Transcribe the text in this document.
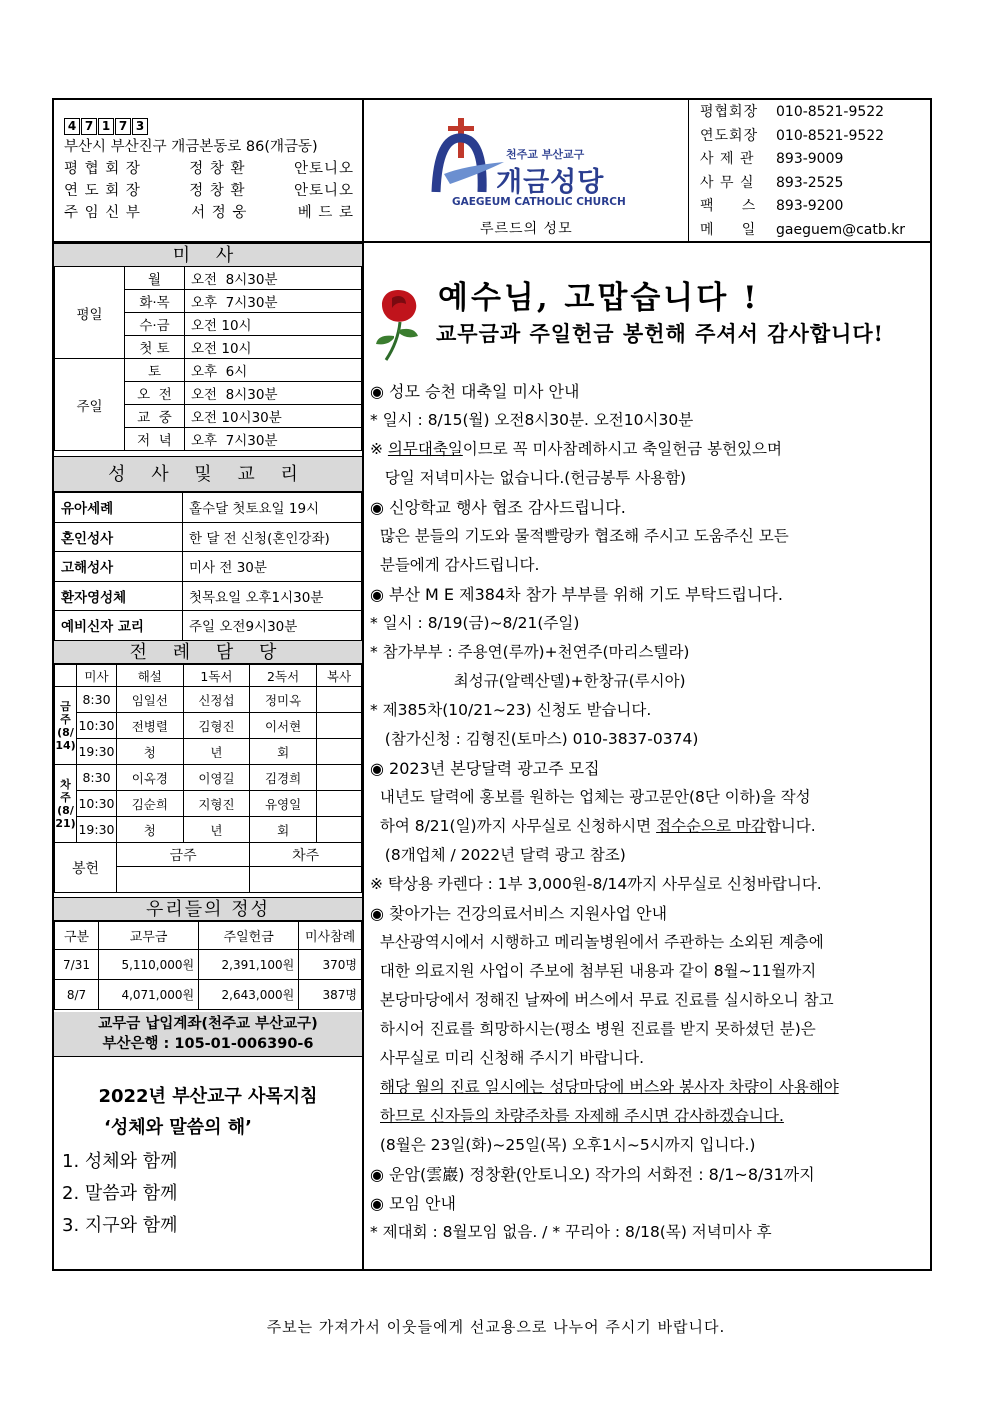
4 7 1 7 3
부산시 부산진구 개금본동로 86(개금동)
평 협 회 장	정 창 환	안토니오
연 도 회 장	정 창 환	안토니오
주 임 신 부	서 정 웅	베 드 로
천주교 부산교구
개금성당
GAEGEUM CATHOLIC CHURCH
루르드의 성모
평협회장	010-8521-9522
연도회장	010-8521-9522
사 제 관	893-9009
사 무 실	893-2525
팩     스	893-9200
메     일	gaeguem@catb.kr
미 사
평일	월	오전  8시30분
	화·목	오후  7시30분
	수·금	오전 10시
	첫 토	오전 10시
주일	토	오후  6시
	오  전	오전  8시30분
	교  중	오전 10시30분
	저  녁	오후  7시30분
성 사 및 교 리
유아세례	홀수달 첫토요일 19시
혼인성사	한 달 전 신청(혼인강좌)
고해성사	미사 전 30분
환자영성체	첫목요일 오후1시30분
예비신자 교리	주일 오전9시30분
전 례 담 당
	미사	해설	1독서	2독서	복사
금주 (8/14)	8:30	임일선	신정섭	정미옥	
	10:30	전병렬	김형진	이서현	
	19:30	청	년	회	
차주 (8/21)	8:30	이옥경	이영길	김경희	
	10:30	김순희	지형진	유영일	
	19:30	청	년	회	
봉헌		금주		차주	

우리들의 정성
구분	교무금	주일헌금	미사참례
7/31	5,110,000원	2,391,100원	370명
8/7	4,071,000원	2,643,000원	387명
교무금 납입계좌(천주교 부산교구)
부산은행 : 105-01-006390-6
2022년 부산교구 사목지침
‘성체와 말씀의 해’
1. 성체와 함께
2. 말씀과 함께
3. 지구와 함께
예수님, 고맙습니다 !
교무금과 주일헌금 봉헌해 주셔서 감사합니다!
◉ 성모 승천 대축일 미사 안내
* 일시 : 8/15(월) 오전8시30분. 오전10시30분
※ 의무대축일이므로 꼭 미사참례하시고 축일헌금 봉헌있으며
당일 저녁미사는 없습니다.(헌금봉투 사용함)
◉ 신앙학교 행사 협조 감사드립니다.
많은 분들의 기도와 물적빨랑카 협조해 주시고 도움주신 모든
분들에게 감사드립니다.
◉ 부산 M E 제384차 참가 부부를 위해 기도 부탁드립니다.
* 일시 : 8/19(금)~8/21(주일)
* 참가부부 : 주용연(루까)+천연주(마리스텔라)
최성규(알렉산델)+한창규(루시아)
* 제385차(10/21~23) 신청도 받습니다.
(참가신청 : 김형진(토마스) 010-3837-0374)
◉ 2023년 본당달력 광고주 모집
내년도 달력에 홍보를 원하는 업체는 광고문안(8단 이하)을 작성
하여 8/21(일)까지 사무실로 신청하시면 접수순으로 마감합니다.
(8개업체 / 2022년 달력 광고 참조)
※ 탁상용 카렌다 : 1부 3,000원-8/14까지 사무실로 신청바랍니다.
◉ 찾아가는 건강의료서비스 지원사업 안내
부산광역시에서 시행하고 메리놀병원에서 주관하는 소외된 계층에
대한 의료지원 사업이 주보에 첨부된 내용과 같이 8월~11월까지
본당마당에서 정해진 날짜에 버스에서 무료 진료를 실시하오니 참고
하시어 진료를 희망하시는(평소 병원 진료를 받지 못하셨던 분)은
사무실로 미리 신청해 주시기 바랍니다.
해당 월의 진료 일시에는 성당마당에 버스와 봉사자 차량이 사용해야
하므로 신자들의 차량주차를 자제해 주시면 감사하겠습니다.
(8월은 23일(화)~25일(목) 오후1시~5시까지 입니다.)
◉ 운암(雲巖) 정창환(안토니오) 작가의 서화전 : 8/1~8/31까지
◉ 모임 안내
* 제대회 : 8월모임 없음. / * 꾸리아 : 8/18(목) 저녁미사 후
주보는 가져가서 이웃들에게 선교용으로 나누어 주시기 바랍니다.
